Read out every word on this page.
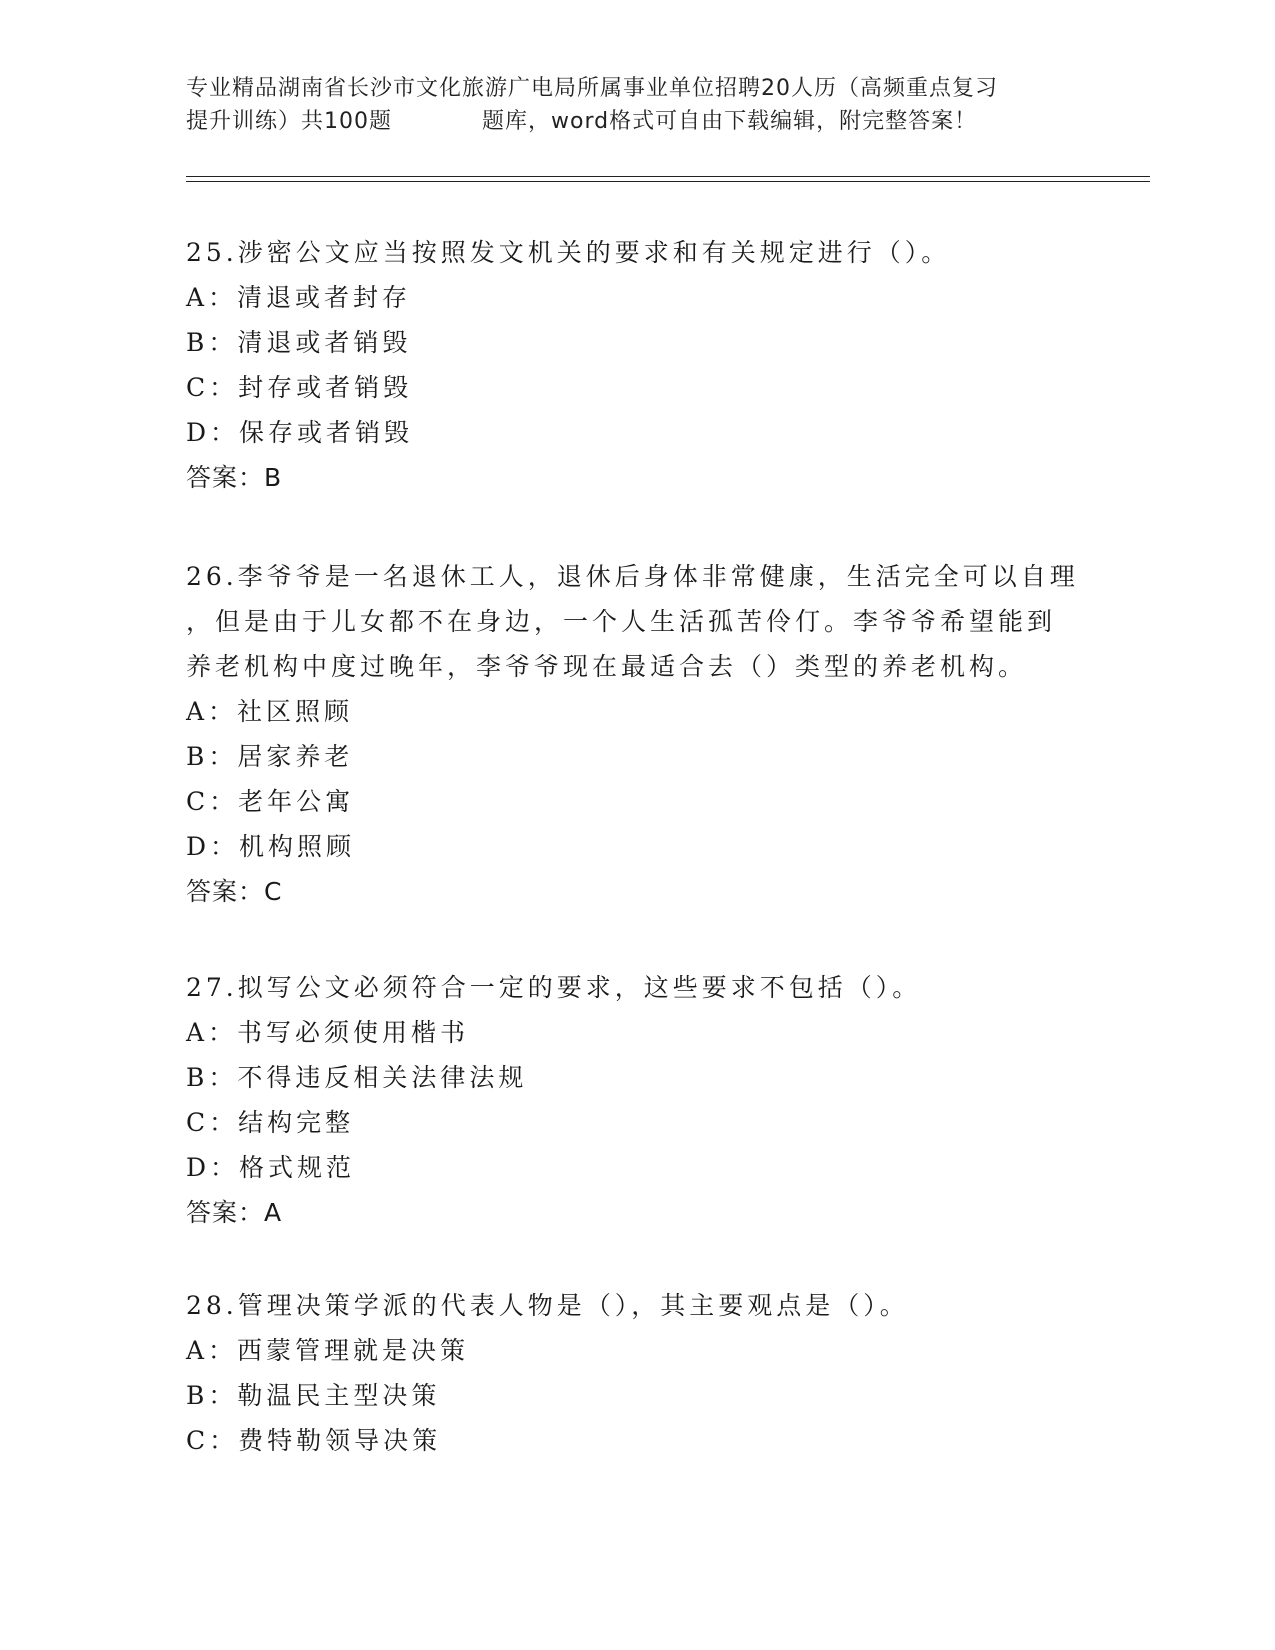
专业精品湖南省长沙市文化旅游广电局所属事业单位招聘20人历（高频重点复习
提升训练）共100题	题库，word格式可自由下载编辑，附完整答案！

25.涉密公文应当按照发文机关的要求和有关规定进行（）。

A：清退或者封存

B：清退或者销毁

C：封存或者销毁

D：保存或者销毁

答案：B

26.李爷爷是一名退休工人，退休后身体非常健康，生活完全可以自理

，但是由于儿女都不在身边，一个人生活孤苦伶仃。李爷爷希望能到

养老机构中度过晚年，李爷爷现在最适合去（）类型的养老机构。

A：社区照顾

B：居家养老

C：老年公寓

D：机构照顾

答案：C

27.拟写公文必须符合一定的要求，这些要求不包括（）。

A：书写必须使用楷书

B：不得违反相关法律法规

C：结构完整

D：格式规范

答案：A

28.管理决策学派的代表人物是（），其主要观点是（）。

A：西蒙管理就是决策

B：勒温民主型决策

C：费特勒领导决策
